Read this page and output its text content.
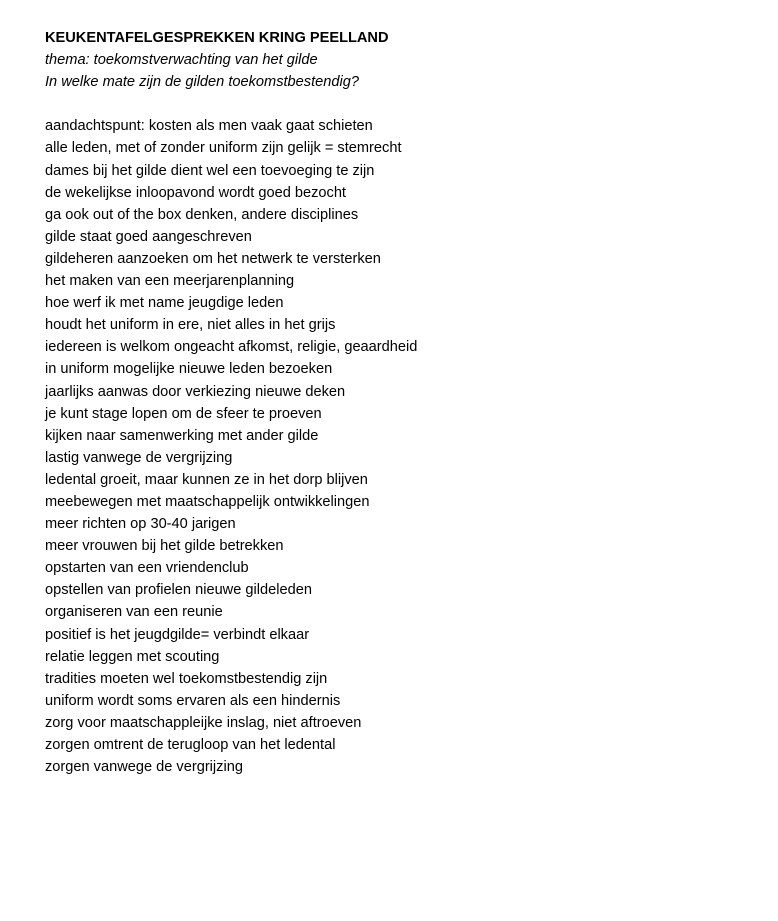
KEUKENTAFELGESPREKKEN KRING PEELLAND
thema: toekomstverwachting van het gilde
In welke mate zijn de gilden toekomstbestendig?
aandachtspunt: kosten als men vaak gaat schieten
alle leden, met of zonder uniform zijn gelijk = stemrecht
dames bij het gilde dient wel een toevoeging te zijn
de wekelijkse inloopavond wordt goed bezocht
ga ook out of the box denken, andere disciplines
gilde staat goed aangeschreven
gildeheren aanzoeken om het netwerk te versterken
het maken van een meerjarenplanning
hoe werf ik met name jeugdige leden
houdt het uniform in ere, niet alles in het grijs
iedereen is welkom ongeacht afkomst, religie, geaardheid
in uniform mogelijke nieuwe leden bezoeken
jaarlijks aanwas door verkiezing nieuwe deken
je kunt stage lopen om de sfeer te proeven
kijken naar samenwerking met ander gilde
lastig vanwege de vergrijzing
ledental groeit, maar kunnen ze in het dorp blijven
meebewegen met maatschappelijk ontwikkelingen
meer richten op 30-40 jarigen
meer vrouwen bij het gilde betrekken
opstarten van een vriendenclub
opstellen van profielen nieuwe gildeleden
organiseren van een reunie
positief is het jeugdgilde= verbindt elkaar
relatie leggen met scouting
tradities moeten wel toekomstbestendig zijn
uniform wordt soms ervaren als een hindernis
zorg voor maatschappleijke inslag, niet aftroeven
zorgen omtrent de terugloop van het ledental
zorgen vanwege de vergrijzing
